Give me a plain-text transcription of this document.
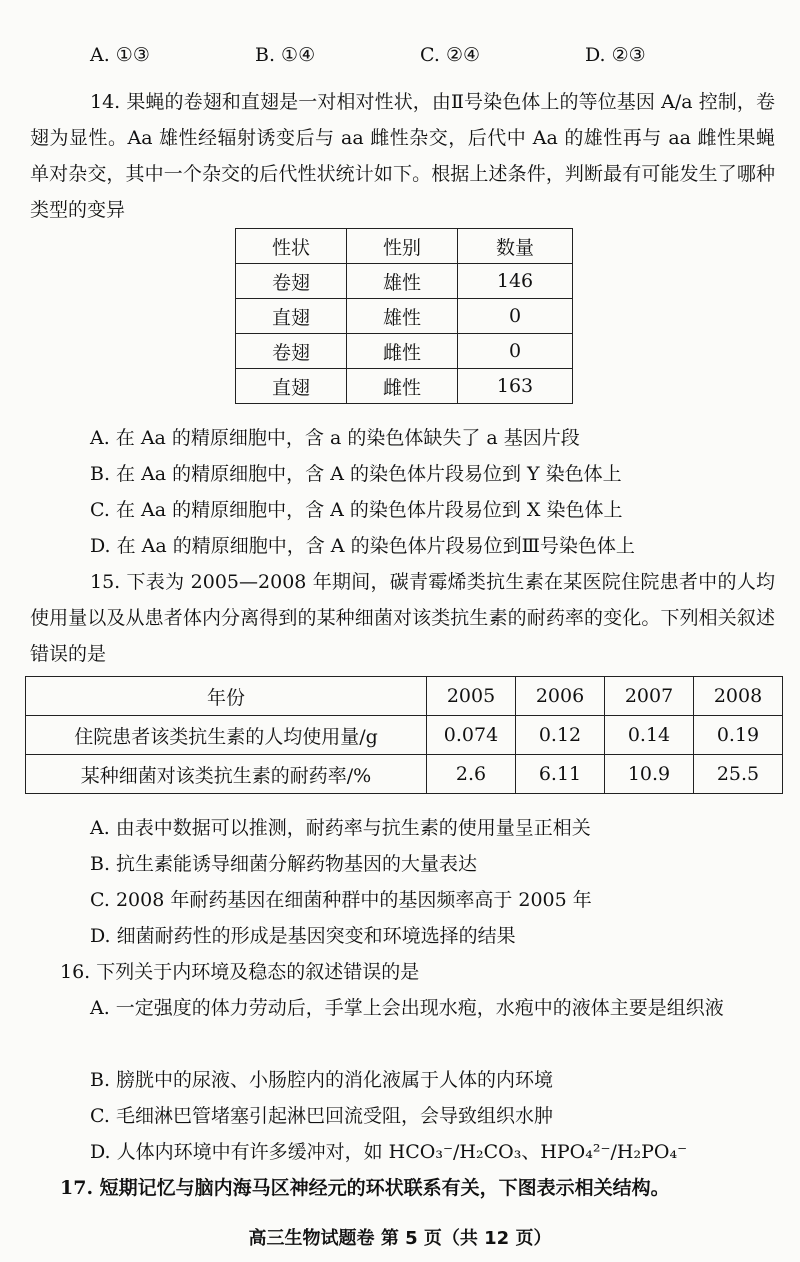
A. ①③	B. ①④	C. ②④	D. ②③
14. 果蝇的卷翅和直翅是一对相对性状，由Ⅱ号染色体上的等位基因 A/a 控制，卷翅为显性。Aa 雄性经辐射诱变后与 aa 雌性杂交，后代中 Aa 的雄性再与 aa 雌性果蝇单对杂交，其中一个杂交的后代性状统计如下。根据上述条件，判断最有可能发生了哪种类型的变异
性状	性别	数量
卷翅	雄性	146
直翅	雄性	0
卷翅	雌性	0
直翅	雌性	163
A. 在 Aa 的精原细胞中，含 a 的染色体缺失了 a 基因片段
B. 在 Aa 的精原细胞中，含 A 的染色体片段易位到 Y 染色体上
C. 在 Aa 的精原细胞中，含 A 的染色体片段易位到 X 染色体上
D. 在 Aa 的精原细胞中，含 A 的染色体片段易位到Ⅲ号染色体上
15. 下表为 2005—2008 年期间，碳青霉烯类抗生素在某医院住院患者中的人均使用量以及从患者体内分离得到的某种细菌对该类抗生素的耐药率的变化。下列相关叙述错误的是
年份	2005	2006	2007	2008
住院患者该类抗生素的人均使用量/g	0.074	0.12	0.14	0.19
某种细菌对该类抗生素的耐药率/%	2.6	6.11	10.9	25.5
A. 由表中数据可以推测，耐药率与抗生素的使用量呈正相关
B. 抗生素能诱导细菌分解药物基因的大量表达
C. 2008 年耐药基因在细菌种群中的基因频率高于 2005 年
D. 细菌耐药性的形成是基因突变和环境选择的结果
16. 下列关于内环境及稳态的叙述错误的是
A. 一定强度的体力劳动后，手掌上会出现水疱，水疱中的液体主要是组织液
B. 膀胱中的尿液、小肠腔内的消化液属于人体的内环境
C. 毛细淋巴管堵塞引起淋巴回流受阻，会导致组织水肿
D. 人体内环境中有许多缓冲对，如 HCO₃⁻/H₂CO₃、HPO₄²⁻/H₂PO₄⁻
高三生物试题卷 第 5 页（共 12 页）
17. 短期记忆与脑内海马区神经元的环状联系有关，下图表示相关结构。
